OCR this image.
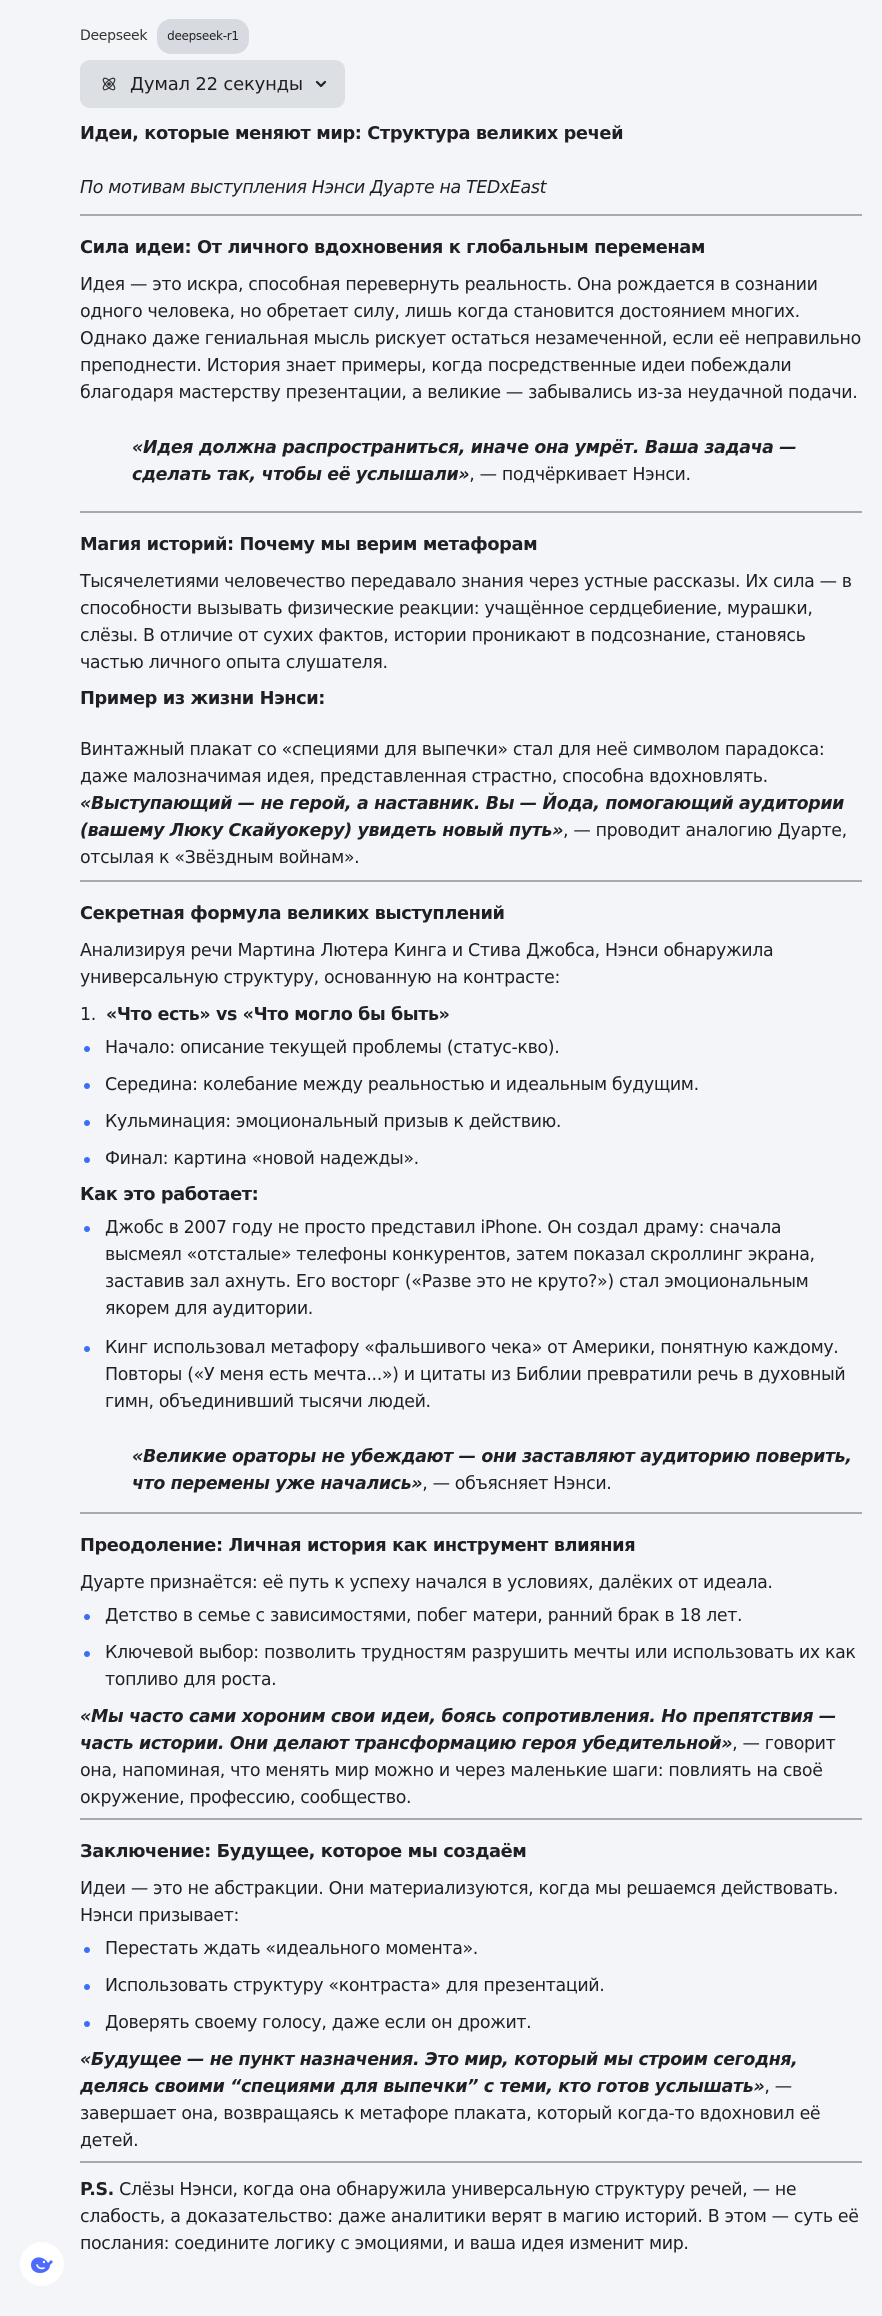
Deepseek	deepseek-r1
Думал 22 секунды
Идеи, которые меняют мир: Структура великих речей

По мотивам выступления Нэнси Дуарте на TEDxEast

Сила идеи: От личного вдохновения к глобальным переменам

Идея — это искра, способная перевернуть реальность. Она рождается в сознании одного человека, но обретает силу, лишь когда становится достоянием многих. Однако даже гениальная мысль рискует остаться незамеченной, если её неправильно преподнести. История знает примеры, когда посредственные идеи побеждали благодаря мастерству презентации, а великие — забывались из-за неудачной подачи.

«Идея должна распространиться, иначе она умрёт. Ваша задача — сделать так, чтобы её услышали», — подчёркивает Нэнси.

Магия историй: Почему мы верим метафорам

Тысячелетиями человечество передавало знания через устные рассказы. Их сила — в способности вызывать физические реакции: учащённое сердцебиение, мурашки, слёзы. В отличие от сухих фактов, истории проникают в подсознание, становясь частью личного опыта слушателя.

Пример из жизни Нэнси:

Винтажный плакат со «специями для выпечки» стал для неё символом парадокса: даже малозначимая идея, представленная страстно, способна вдохновлять. «Выступающий — не герой, а наставник. Вы — Йода, помогающий аудитории (вашему Люку Скайуокеру) увидеть новый путь», — проводит аналогию Дуарте, отсылая к «Звёздным войнам».

Секретная формула великих выступлений

Анализируя речи Мартина Лютера Кинга и Стива Джобса, Нэнси обнаружила универсальную структуру, основанную на контрасте:

1. «Что есть» vs «Что могло бы быть»
Начало: описание текущей проблемы (статус-кво).
Середина: колебание между реальностью и идеальным будущим.
Кульминация: эмоциональный призыв к действию.
Финал: картина «новой надежды».
Как это работает:
Джобс в 2007 году не просто представил iPhone. Он создал драму: сначала высмеял «отсталые» телефоны конкурентов, затем показал скроллинг экрана, заставив зал ахнуть. Его восторг («Разве это не круто?») стал эмоциональным якорем для аудитории.
Кинг использовал метафору «фальшивого чека» от Америки, понятную каждому. Повторы («У меня есть мечта...») и цитаты из Библии превратили речь в духовный гимн, объединивший тысячи людей.

«Великие ораторы не убеждают — они заставляют аудиторию поверить, что перемены уже начались», — объясняет Нэнси.

Преодоление: Личная история как инструмент влияния

Дуарте признаётся: её путь к успеху начался в условиях, далёких от идеала.

Детство в семье с зависимостями, побег матери, ранний брак в 18 лет.
Ключевой выбор: позволить трудностям разрушить мечты или использовать их как топливо для роста.

«Мы часто сами хороним свои идеи, боясь сопротивления. Но препятствия — часть истории. Они делают трансформацию героя убедительной», — говорит она, напоминая, что менять мир можно и через маленькие шаги: повлиять на своё окружение, профессию, сообщество.

Заключение: Будущее, которое мы создаём

Идеи — это не абстракции. Они материализуются, когда мы решаемся действовать. Нэнси призывает:

Перестать ждать «идеального момента».
Использовать структуру «контраста» для презентаций.
Доверять своему голосу, даже если он дрожит.

«Будущее — не пункт назначения. Это мир, который мы строим сегодня, делясь своими “специями для выпечки” с теми, кто готов услышать», — завершает она, возвращаясь к метафоре плаката, который когда-то вдохновил её детей.

P.S. Слёзы Нэнси, когда она обнаружила универсальную структуру речей, — не слабость, а доказательство: даже аналитики верят в магию историй. В этом — суть её послания: соедините логику с эмоциями, и ваша идея изменит мир.
